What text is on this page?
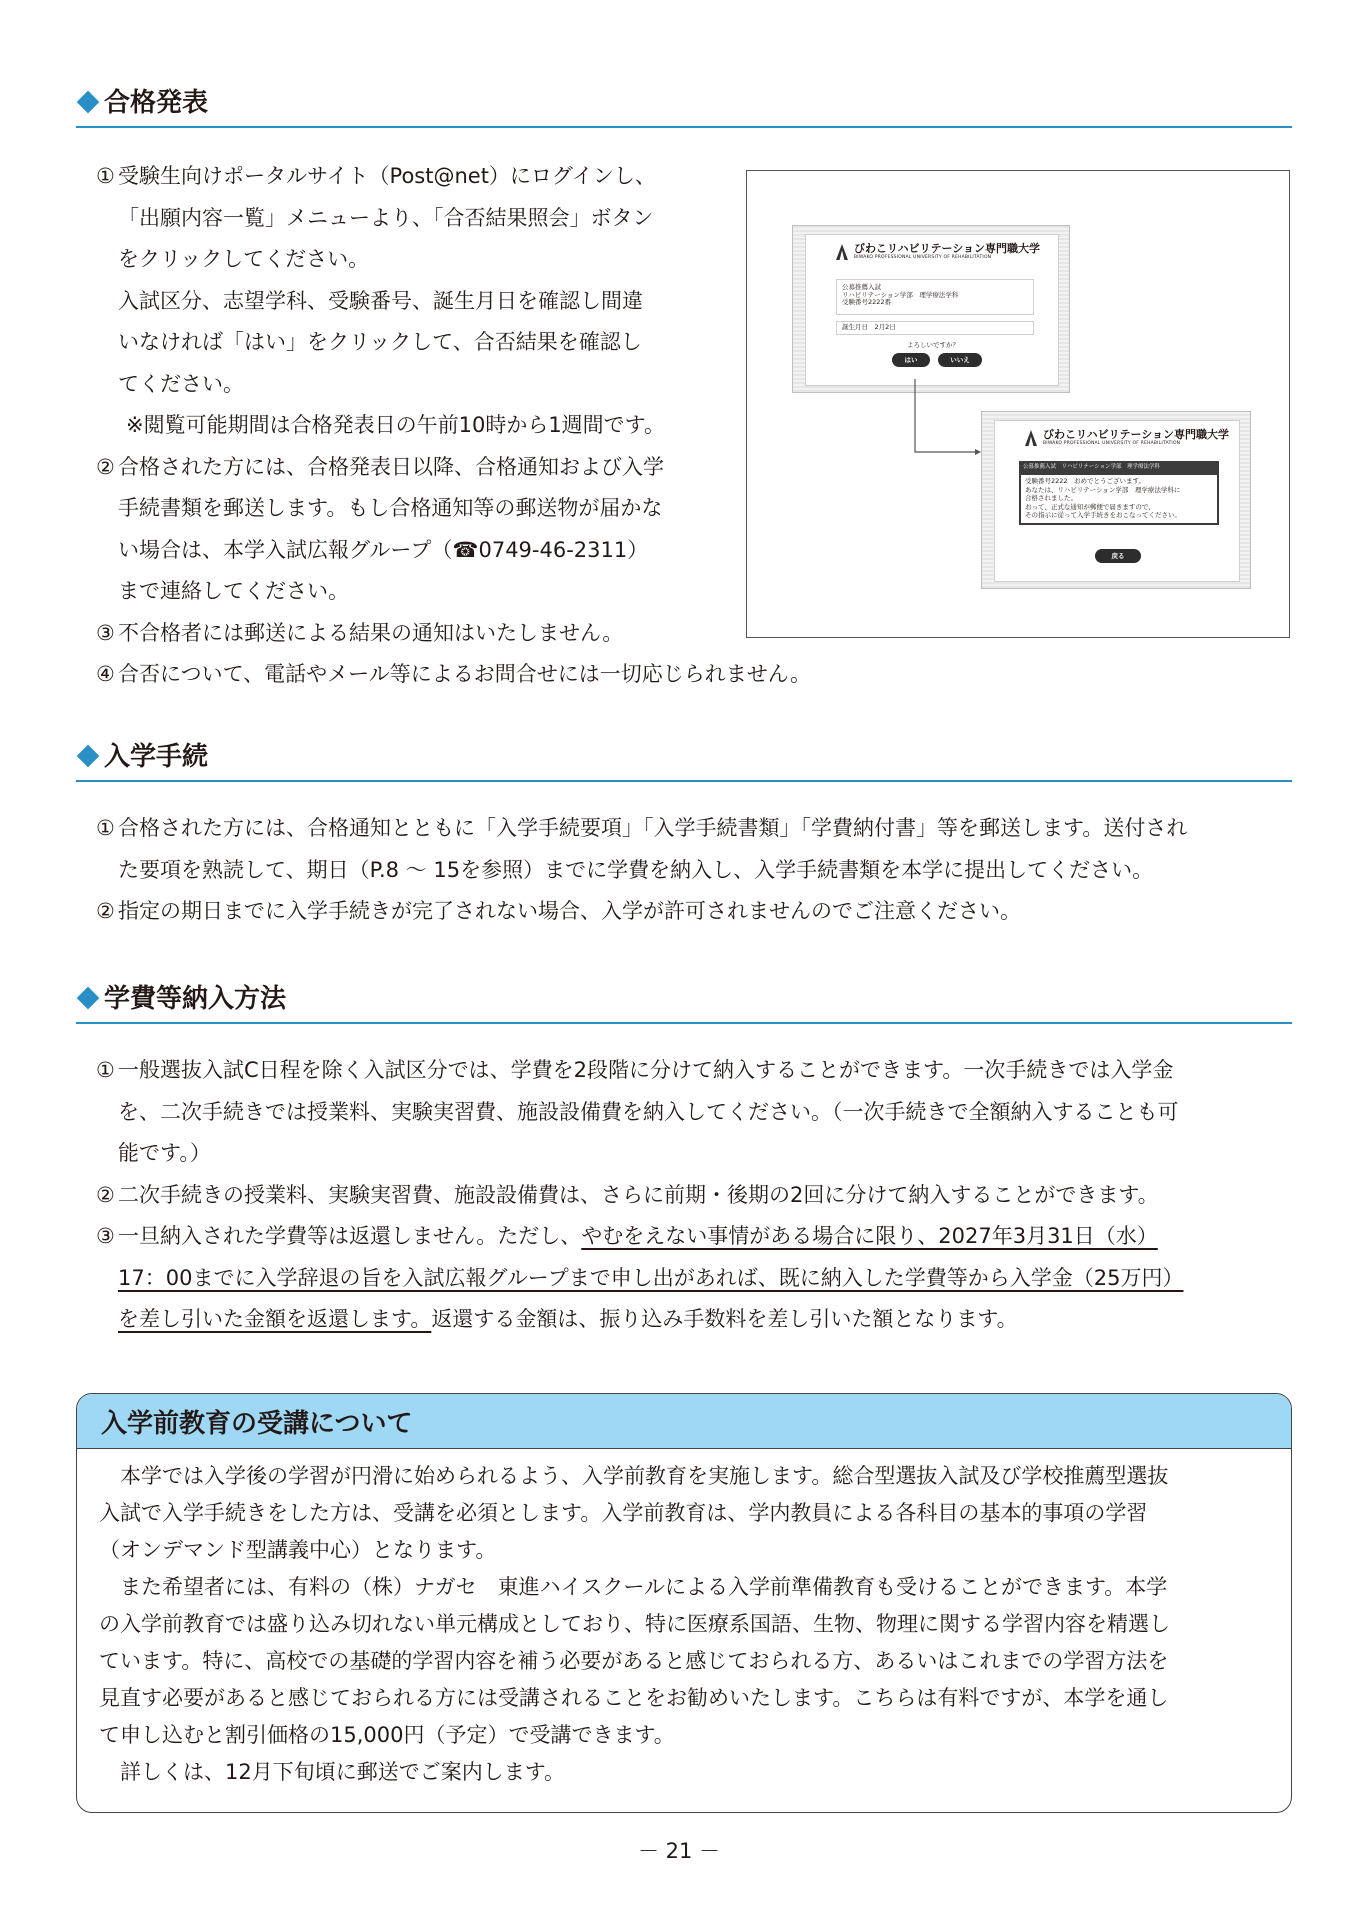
合格発表
① 受験生向けポータルサイト（Post@net）にログインし、
「出願内容一覧」メニューより、「合否結果照会」ボタン
をクリックしてください。
入試区分、志望学科、受験番号、誕生月日を確認し間違
いなければ「はい」をクリックして、合否結果を確認し
てください。
※閲覧可能期間は合格発表日の午前10時から1週間です。
② 合格された方には、合格発表日以降、合格通知および入学
手続書類を郵送します。もし合格通知等の郵送物が届かな
い場合は、本学入試広報グループ（☎0749-46-2311）
まで連絡してください。
③ 不合格者には郵送による結果の通知はいたしません。
④ 合否について、電話やメール等によるお問合せには一切応じられません。
びわこリハビリテーション専門職大学
BIWAKO PROFESSIONAL UNIVERSITY OF REHABILITATION
公募推薦入試
リハビリテーション学部　理学療法学科
受験番号2222番
誕生月日　2月2日
よろしいですか？
はい	いいえ
びわこリハビリテーション専門職大学
BIWAKO PROFESSIONAL UNIVERSITY OF REHABILITATION
公募推薦入試　リハビリテーション学部　理学療法学科
受験番号2222　おめでとうございます。
あなたは、リハビリテーション学部　理学療法学科に
合格されました。
おって、正式な通知が郵便で届きますので、
その指示に従って入学手続きをおこなってください。
戻る
入学手続
① 合格された方には、合格通知とともに「入学手続要項」「入学手続書類」「学費納付書」等を郵送します。送付され
た要項を熟読して、期日（P.8 ～ 15を参照）までに学費を納入し、入学手続書類を本学に提出してください。
② 指定の期日までに入学手続きが完了されない場合、入学が許可されませんのでご注意ください。
学費等納入方法
① 一般選抜入試C日程を除く入試区分では、学費を2段階に分けて納入することができます。一次手続きでは入学金
を、二次手続きでは授業料、実験実習費、施設設備費を納入してください。（一次手続きで全額納入することも可
能です。）
② 二次手続きの授業料、実験実習費、施設設備費は、さらに前期・後期の2回に分けて納入することができます。
③ 一旦納入された学費等は返還しません。ただし、やむをえない事情がある場合に限り、2027年3月31日（水）
17：00までに入学辞退の旨を入試広報グループまで申し出があれば、既に納入した学費等から入学金（25万円）
を差し引いた金額を返還します。返還する金額は、振り込み手数料を差し引いた額となります。
入学前教育の受講について
　本学では入学後の学習が円滑に始められるよう、入学前教育を実施します。総合型選抜入試及び学校推薦型選抜
入試で入学手続きをした方は、受講を必須とします。入学前教育は、学内教員による各科目の基本的事項の学習
（オンデマンド型講義中心）となります。
　また希望者には、有料の（株）ナガセ　東進ハイスクールによる入学前準備教育も受けることができます。本学
の入学前教育では盛り込み切れない単元構成としており、特に医療系国語、生物、物理に関する学習内容を精選し
ています。特に、高校での基礎的学習内容を補う必要があると感じておられる方、あるいはこれまでの学習方法を
見直す必要があると感じておられる方には受講されることをお勧めいたします。こちらは有料ですが、本学を通し
て申し込むと割引価格の15,000円（予定）で受講できます。
　詳しくは、12月下旬頃に郵送でご案内します。
－ 21 －
